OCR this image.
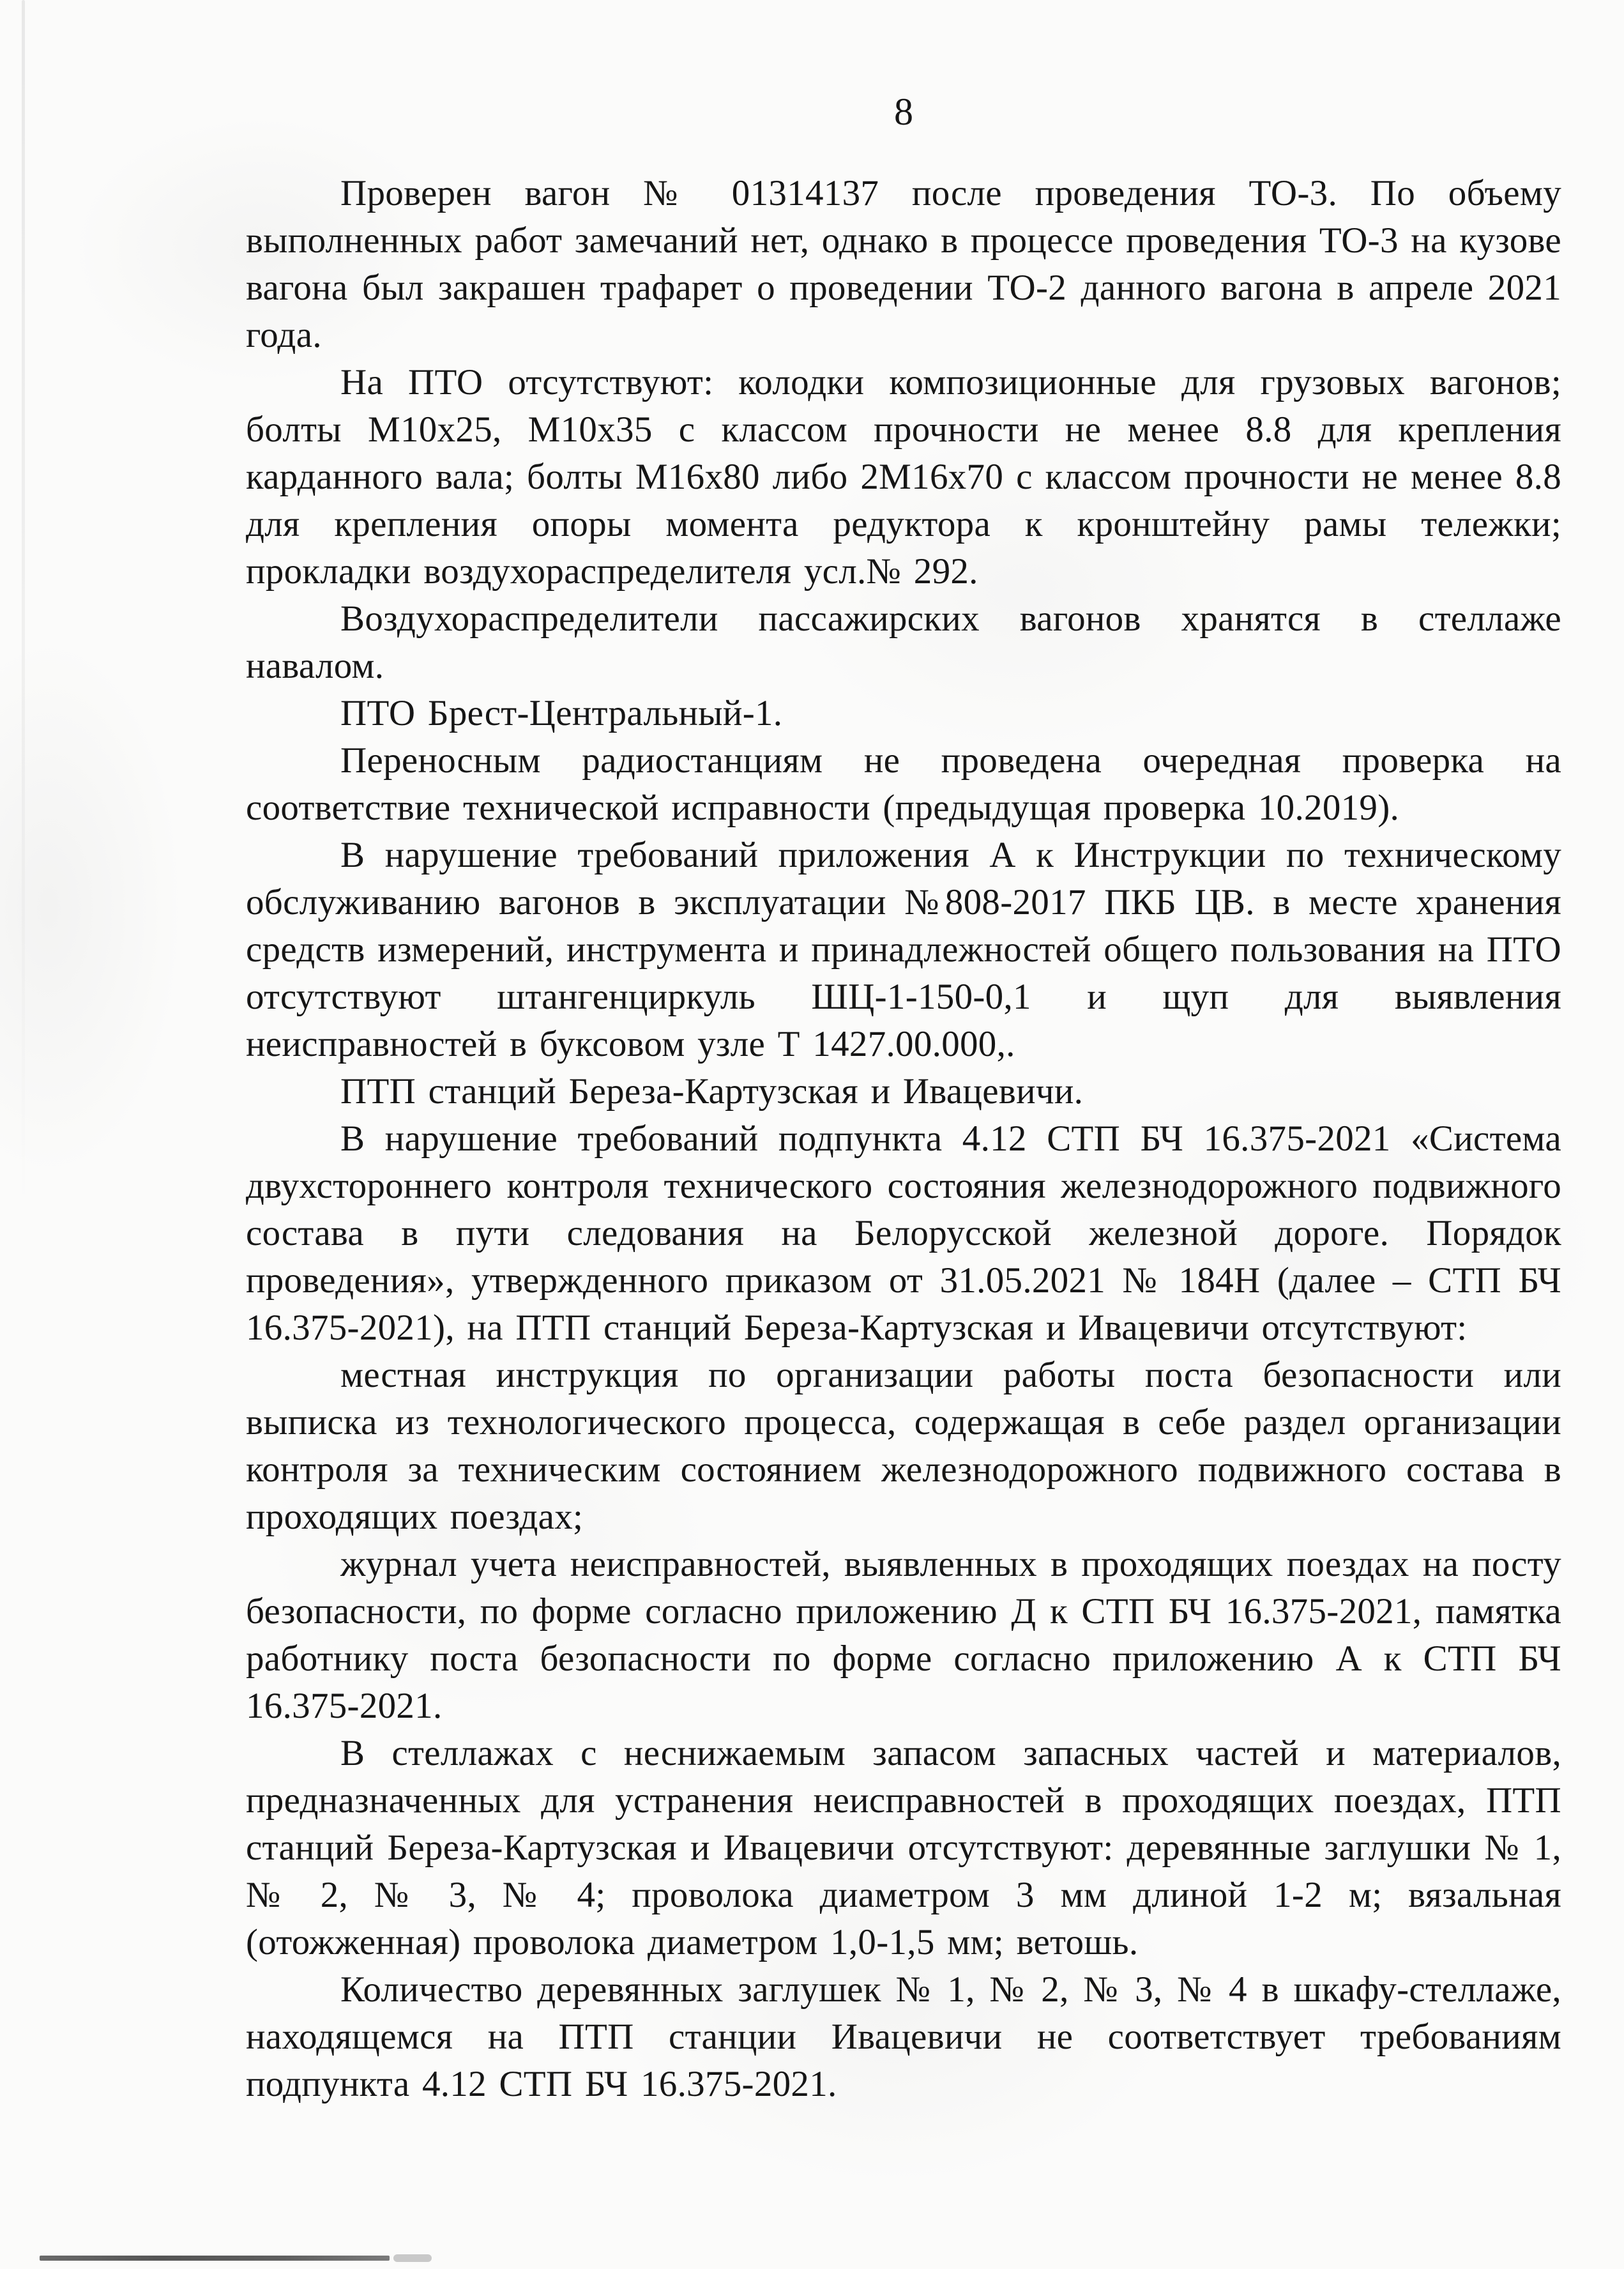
8

Проверен вагон № 01314137 после проведения ТО-3. По объему выполненных работ замечаний нет, однако в процессе проведения ТО-3 на кузове вагона был закрашен трафарет о проведении ТО-2 данного вагона в апреле 2021 года.

На ПТО отсутствуют: колодки композиционные для грузовых вагонов; болты М10х25, М10х35 с классом прочности не менее 8.8 для крепления карданного вала; болты М16х80 либо 2М16х70 с классом прочности не менее 8.8 для крепления опоры момента редуктора к кронштейну рамы тележки; прокладки воздухораспределителя усл.№ 292.

Воздухораспределители пассажирских вагонов хранятся в стеллаже навалом.

ПТО Брест-Центральный-1.

Переносным радиостанциям не проведена очередная проверка на соответствие технической исправности (предыдущая проверка 10.2019).

В нарушение требований приложения А к Инструкции по техническому обслуживанию вагонов в эксплуатации №808-2017 ПКБ ЦВ. в месте хранения средств измерений, инструмента и принадлежностей общего пользования на ПТО отсутствуют штангенциркуль ШЦ-1-150-0,1 и щуп для выявления неисправностей в буксовом узле Т 1427.00.000,.

ПТП станций Береза-Картузская и Ивацевичи.

В нарушение требований подпункта 4.12 СТП БЧ 16.375-2021 «Система двухстороннего контроля технического состояния железнодорожного подвижного состава в пути следования на Белорусской железной дороге. Порядок проведения», утвержденного приказом от 31.05.2021 № 184Н (далее – СТП БЧ 16.375-2021), на ПТП станций Береза-Картузская и Ивацевичи отсутствуют:

местная инструкция по организации работы поста безопасности или выписка из технологического процесса, содержащая в себе раздел организации контроля за техническим состоянием железнодорожного подвижного состава в проходящих поездах;

журнал учета неисправностей, выявленных в проходящих поездах на посту безопасности, по форме согласно приложению Д к СТП БЧ 16.375-2021, памятка работнику поста безопасности по форме согласно приложению А к СТП БЧ 16.375-2021.

В стеллажах с неснижаемым запасом запасных частей и материалов, предназначенных для устранения неисправностей в проходящих поездах, ПТП станций Береза-Картузская и Ивацевичи отсутствуют: деревянные заглушки № 1, № 2, № 3, № 4; проволока диаметром 3 мм длиной 1-2 м; вязальная (отожженная) проволока диаметром 1,0-1,5 мм; ветошь.

Количество деревянных заглушек № 1, № 2, № 3, № 4 в шкафу-стеллаже, находящемся на ПТП станции Ивацевичи не соответствует требованиям подпункта 4.12 СТП БЧ 16.375-2021.
